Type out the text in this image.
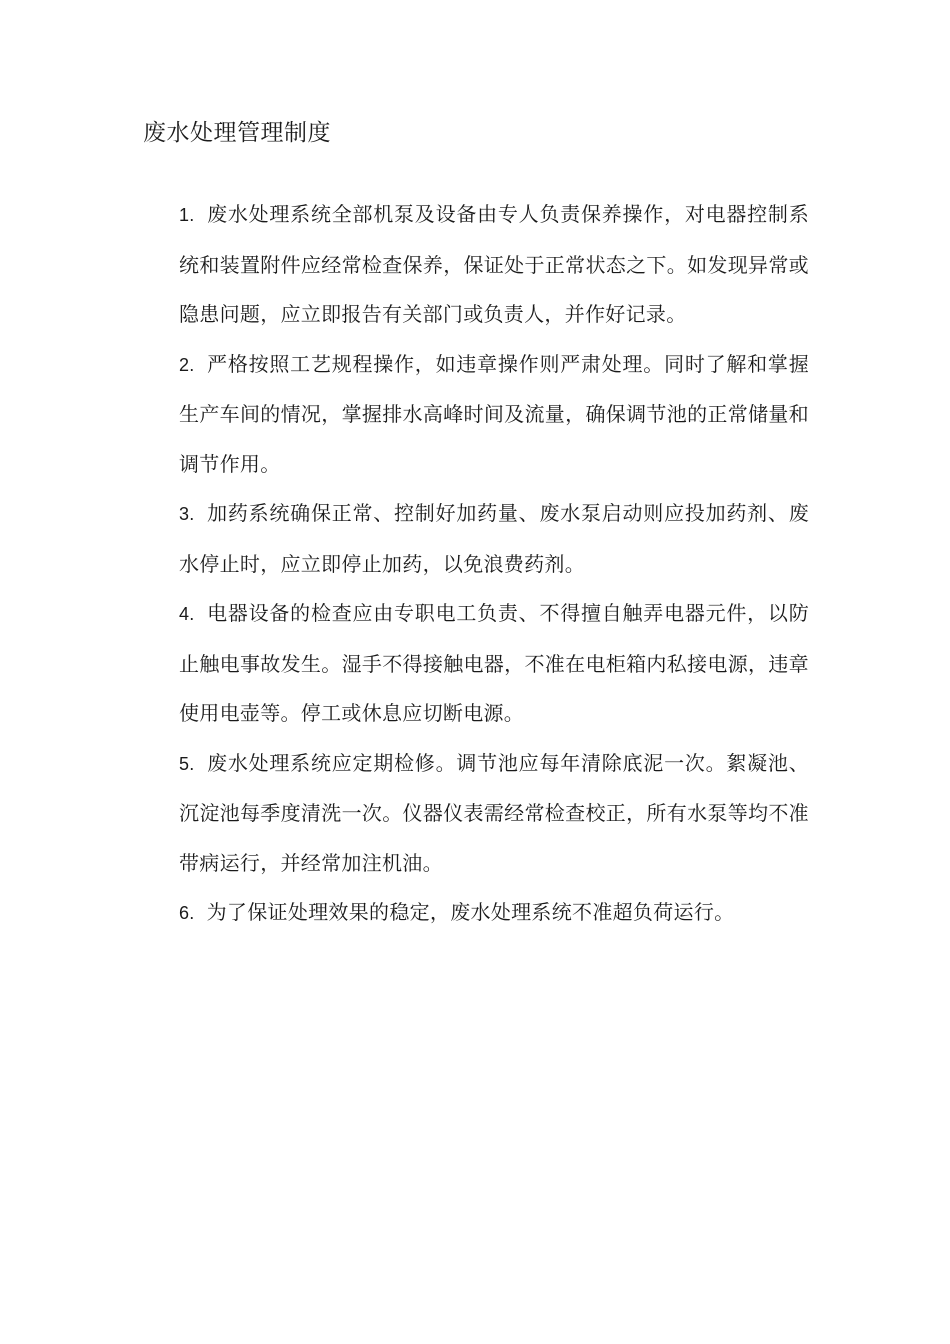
废水处理管理制度
1. 废水处理系统全部机泵及设备由专人负责保养操作，对电器控制系统和装置附件应经常检查保养，保证处于正常状态之下。如发现异常或隐患问题，应立即报告有关部门或负责人，并作好记录。
2. 严格按照工艺规程操作，如违章操作则严肃处理。同时了解和掌握生产车间的情况，掌握排水高峰时间及流量，确保调节池的正常储量和调节作用。
3. 加药系统确保正常、控制好加药量、废水泵启动则应投加药剂、废水停止时，应立即停止加药，以免浪费药剂。
4. 电器设备的检查应由专职电工负责、不得擅自触弄电器元件，以防止触电事故发生。湿手不得接触电器，不准在电柜箱内私接电源，违章使用电壶等。停工或休息应切断电源。
5. 废水处理系统应定期检修。调节池应每年清除底泥一次。絮凝池、沉淀池每季度清洗一次。仪器仪表需经常检查校正，所有水泵等均不准带病运行，并经常加注机油。
6. 为了保证处理效果的稳定，废水处理系统不准超负荷运行。
